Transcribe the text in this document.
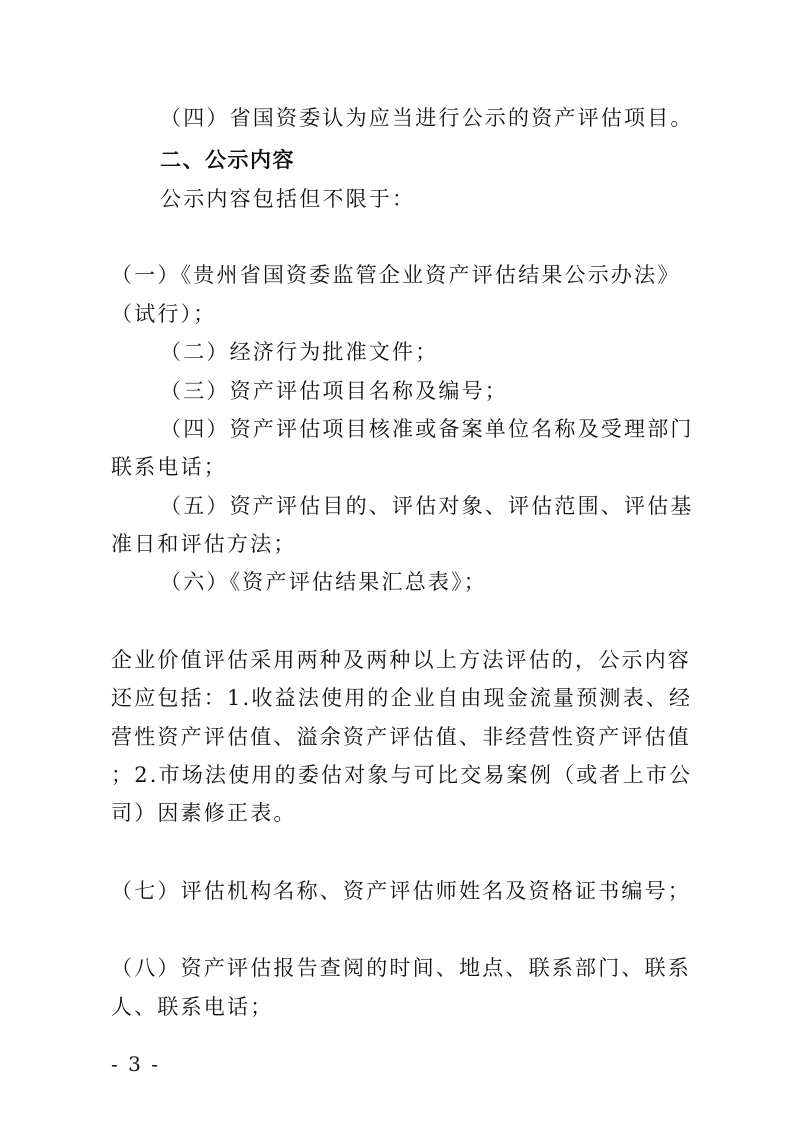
（四）省国资委认为应当进行公示的资产评估项目。
二、公示内容
公示内容包括但不限于：
（一）《贵州省国资委监管企业资产评估结果公示办法》
（试行）；
（二）经济行为批准文件；
（三）资产评估项目名称及编号；
（四）资产评估项目核准或备案单位名称及受理部门
联系电话；
（五）资产评估目的、评估对象、评估范围、评估基
准日和评估方法；
（六）《资产评估结果汇总表》；
企业价值评估采用两种及两种以上方法评估的，公示内容
还应包括：1.收益法使用的企业自由现金流量预测表、经
营性资产评估值、溢余资产评估值、非经营性资产评估值
；2.市场法使用的委估对象与可比交易案例（或者上市公
司）因素修正表。
（七）评估机构名称、资产评估师姓名及资格证书编号；
（八）资产评估报告查阅的时间、地点、联系部门、联系
人、联系电话；
- 3 -
